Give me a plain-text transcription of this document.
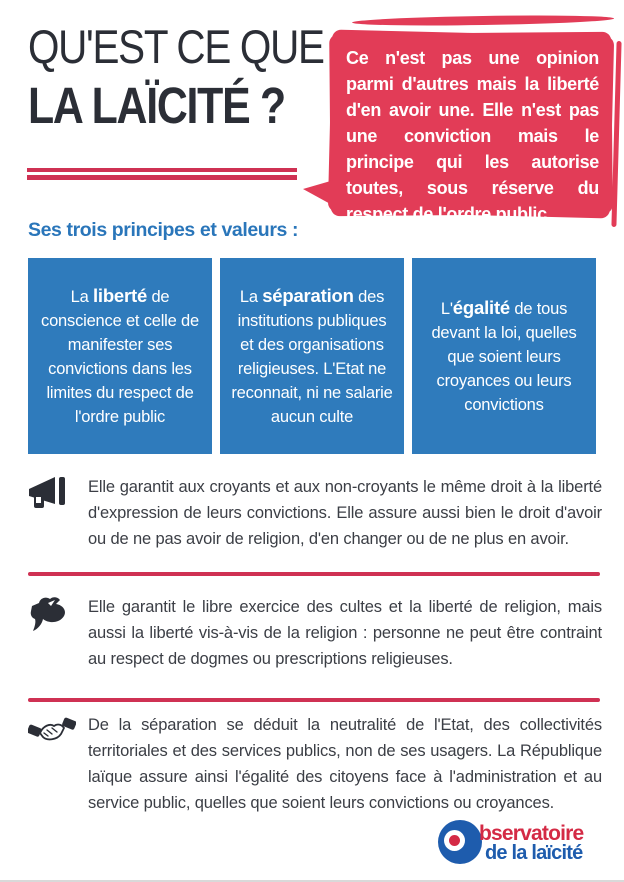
QU'EST CE QUE
LA LAÏCITÉ ?
Ce n'est pas une opinion parmi d'autres mais la liberté d'en avoir une. Elle n'est pas une conviction mais le principe qui les autorise toutes, sous réserve du respect de l'ordre public.
Ses trois principes et valeurs :
La liberté de conscience et celle de manifester ses convictions dans les limites du respect de l'ordre public
La séparation des institutions publiques et des organisations religieuses. L'Etat ne reconnait, ni ne salarie aucun culte
L'égalité de tous devant la loi, quelles que soient leurs croyances ou leurs convictions
Elle garantit aux croyants et aux non-croyants le même droit à la liberté d'expression de leurs convictions. Elle assure aussi bien le droit d'avoir ou de ne pas avoir de religion, d'en changer ou de ne plus en avoir.
Elle garantit le libre exercice des cultes et la liberté de religion, mais aussi la liberté vis-à-vis de la religion : personne ne peut être contraint au respect de dogmes ou prescriptions religieuses.
De la séparation se déduit la neutralité de l'Etat, des collectivités territoriales et des services publics, non de ses usagers. La République laïque assure ainsi l'égalité des citoyens face à l'administration et au service public, quelles que soient leurs convictions ou croyances.
bservatoire
de la laïcité
